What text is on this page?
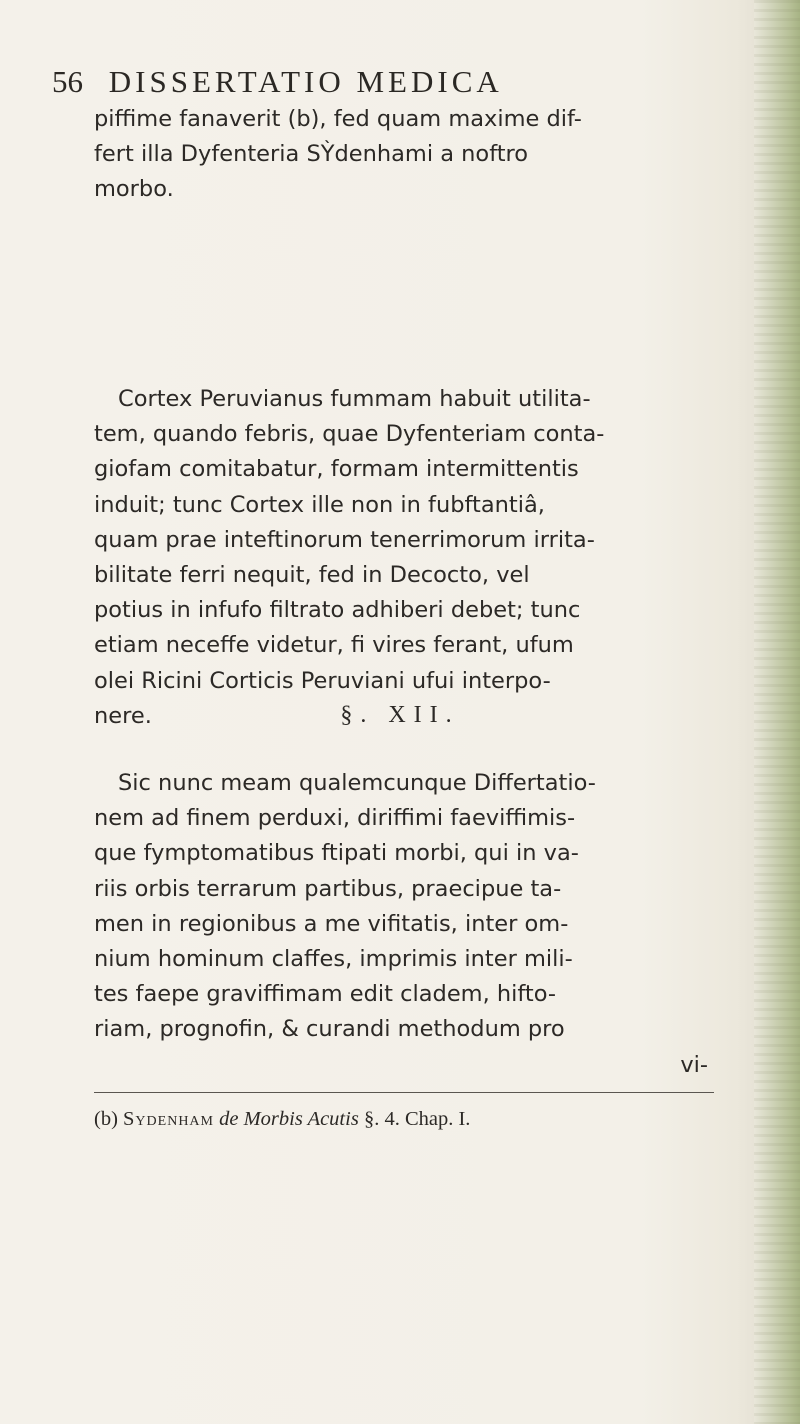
56 DISSERTATIO MEDICA
piffime fanaverit (b), fed quam maxime dif-
fert illa Dyfenteria SỲdenhami a noftro
morbo.
Cortex Peruvianus fummam habuit utilita-
tem, quando febris, quae Dyfenteriam conta-
giofam comitabatur, formam intermittentis
induit; tunc Cortex ille non in fubftantiâ,
quam prae inteftinorum tenerrimorum irrita-
bilitate ferri nequit, fed in Decocto, vel
potius in infufo filtrato adhiberi debet; tunc
etiam neceffe videtur, fi vires ferant, ufum
olei Ricini Corticis Peruviani ufui interpo-
nere.	§. XII.
Sic nunc meam qualemcunque Differtatio-
nem ad finem perduxi, diriffimi faeviffimis-
que fymptomatibus ftipati morbi, qui in va-
riis orbis terrarum partibus, praecipue ta-
men in regionibus a me vifitatis, inter om-
nium hominum claffes, imprimis inter mili-
tes faepe graviffimam edit cladem, hifto-
riam, prognofin, & curandi methodum pro
vi-
(b) Sydenham de Morbis Acutis §. 4. Chap. I.
